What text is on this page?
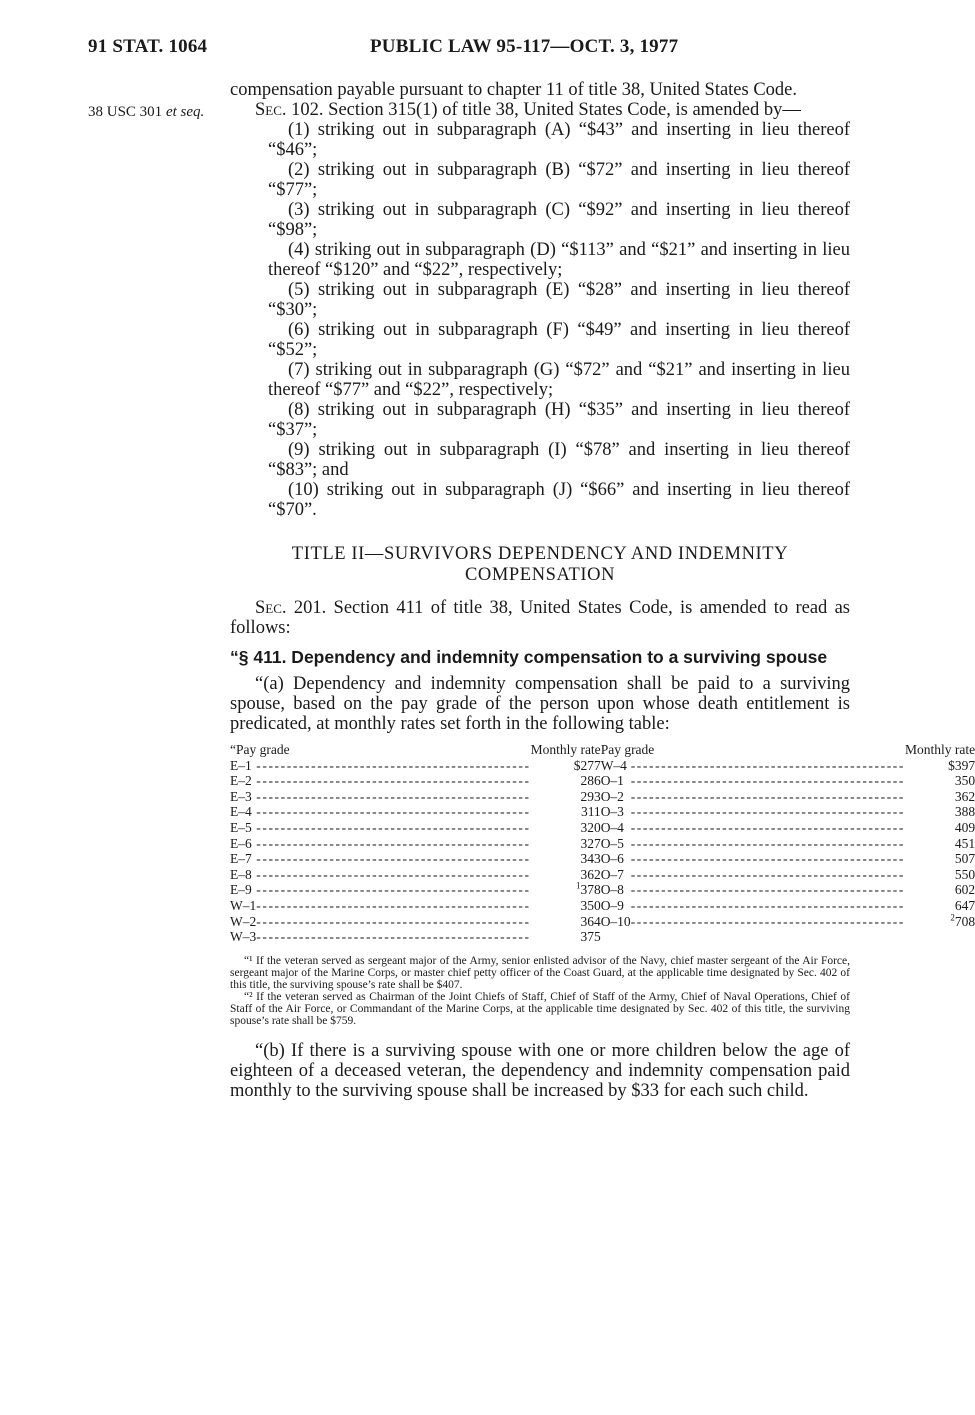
91 STAT. 1064	PUBLIC LAW 95-117—OCT. 3, 1977
38 USC 301 et seq.

compensation payable pursuant to chapter 11 of title 38, United States Code.

Sec. 102. Section 315(1) of title 38, United States Code, is amended by—

(1) striking out in subparagraph (A) “$43” and inserting in lieu thereof “$46”;

(2) striking out in subparagraph (B) “$72” and inserting in lieu thereof “$77”;

(3) striking out in subparagraph (C) “$92” and inserting in lieu thereof “$98”;

(4) striking out in subparagraph (D) “$113” and “$21” and inserting in lieu thereof “$120” and “$22”, respectively;

(5) striking out in subparagraph (E) “$28” and inserting in lieu thereof “$30”;

(6) striking out in subparagraph (F) “$49” and inserting in lieu thereof “$52”;

(7) striking out in subparagraph (G) “$72” and “$21” and inserting in lieu thereof “$77” and “$22”, respectively;

(8) striking out in subparagraph (H) “$35” and inserting in lieu thereof “$37”;

(9) striking out in subparagraph (I) “$78” and inserting in lieu thereof “$83”; and

(10) striking out in subparagraph (J) “$66” and inserting in lieu thereof “$70”.

TITLE II—SURVIVORS DEPENDENCY AND INDEMNITY
COMPENSATION

Sec. 201. Section 411 of title 38, United States Code, is amended to read as follows:

“§ 411. Dependency and indemnity compensation to a surviving spouse

“(a) Dependency and indemnity compensation shall be paid to a surviving spouse, based on the pay grade of the person upon whose death entitlement is predicated, at monthly rates set forth in the following table:

“Pay grade		Monthly rate		Pay grade		Monthly rate
E–1	---------------------------------------------	$277		W–4	---------------------------------------------	$397
E–2	---------------------------------------------	286		O–1	---------------------------------------------	350
E–3	---------------------------------------------	293		O–2	---------------------------------------------	362
E–4	---------------------------------------------	311		O–3	---------------------------------------------	388
E–5	---------------------------------------------	320		O–4	---------------------------------------------	409
E–6	---------------------------------------------	327		O–5	---------------------------------------------	451
E–7	---------------------------------------------	343		O–6	---------------------------------------------	507
E–8	---------------------------------------------	362		O–7	---------------------------------------------	550
E–9	---------------------------------------------	$^1$378		O–8	---------------------------------------------	602
W–1	---------------------------------------------	350		O–9	---------------------------------------------	647
W–2	---------------------------------------------	364		O–10	---------------------------------------------	$^2$708
W–3	---------------------------------------------	375				

“¹ If the veteran served as sergeant major of the Army, senior enlisted advisor of the Navy, chief master sergeant of the Air Force, sergeant major of the Marine Corps, or master chief petty officer of the Coast Guard, at the applicable time designated by Sec. 402 of this title, the surviving spouse’s rate shall be $407.

“² If the veteran served as Chairman of the Joint Chiefs of Staff, Chief of Staff of the Army, Chief of Naval Operations, Chief of Staff of the Air Force, or Commandant of the Marine Corps, at the applicable time designated by Sec. 402 of this title, the surviving spouse’s rate shall be $759.

“(b) If there is a surviving spouse with one or more children below the age of eighteen of a deceased veteran, the dependency and indemnity compensation paid monthly to the surviving spouse shall be increased by $33 for each such child.
